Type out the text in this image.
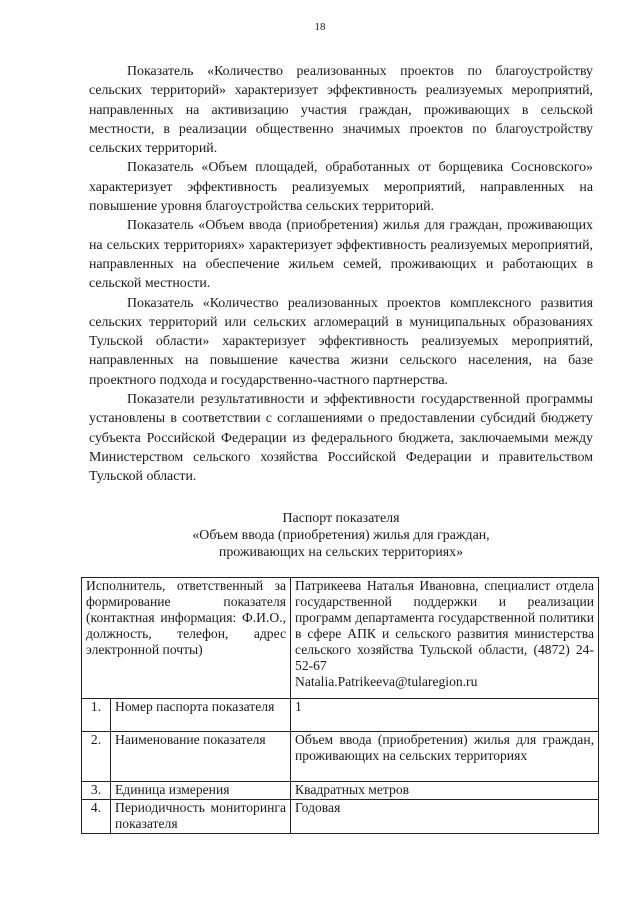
18

Показатель «Количество реализованных проектов по благоустройству сельских территорий» характеризует эффективность реализуемых мероприятий, направленных на активизацию участия граждан, проживающих в сельской местности, в реализации общественно значимых проектов по благоустройству сельских территорий.

Показатель «Объем площадей, обработанных от борщевика Сосновского» характеризует эффективность реализуемых мероприятий, направленных на повышение уровня благоустройства сельских территорий.

Показатель «Объем ввода (приобретения) жилья для граждан, проживающих на сельских территориях» характеризует эффективность реализуемых мероприятий, направленных на обеспечение жильем семей, проживающих и работающих в сельской местности.

Показатель «Количество реализованных проектов комплексного развития сельских территорий или сельских агломераций в муниципальных образованиях Тульской области» характеризует эффективность реализуемых мероприятий, направленных на повышение качества жизни сельского населения, на базе проектного подхода и государственно-частного партнерства.

Показатели результативности и эффективности государственной программы установлены в соответствии с соглашениями о предоставлении субсидий бюджету субъекта Российской Федерации из федерального бюджета, заключаемыми между Министерством сельского хозяйства Российской Федерации и правительством Тульской области.

Паспорт показателя
«Объем ввода (приобретения) жилья для граждан,
проживающих на сельских территориях»
Исполнитель, ответственный за формирование показателя (контактная информация: Ф.И.О., должность, телефон, адрес электронной почты)		Патрикеева Наталья Ивановна, специалист отдела государственной поддержки и реализации программ департамента государственной политики в сфере АПК и сельского развития министерства сельского хозяйства Тульской области, (4872) 24-52-67
Natalia.Patrikeeva@tularegion.ru

1.	Номер паспорта показателя	1
2.	Наименование показателя	Объем ввода (приобретения) жилья для граждан, проживающих на сельских территориях
3.	Единица измерения	Квадратных метров
4.	Периодичность мониторинга показателя	Годовая
